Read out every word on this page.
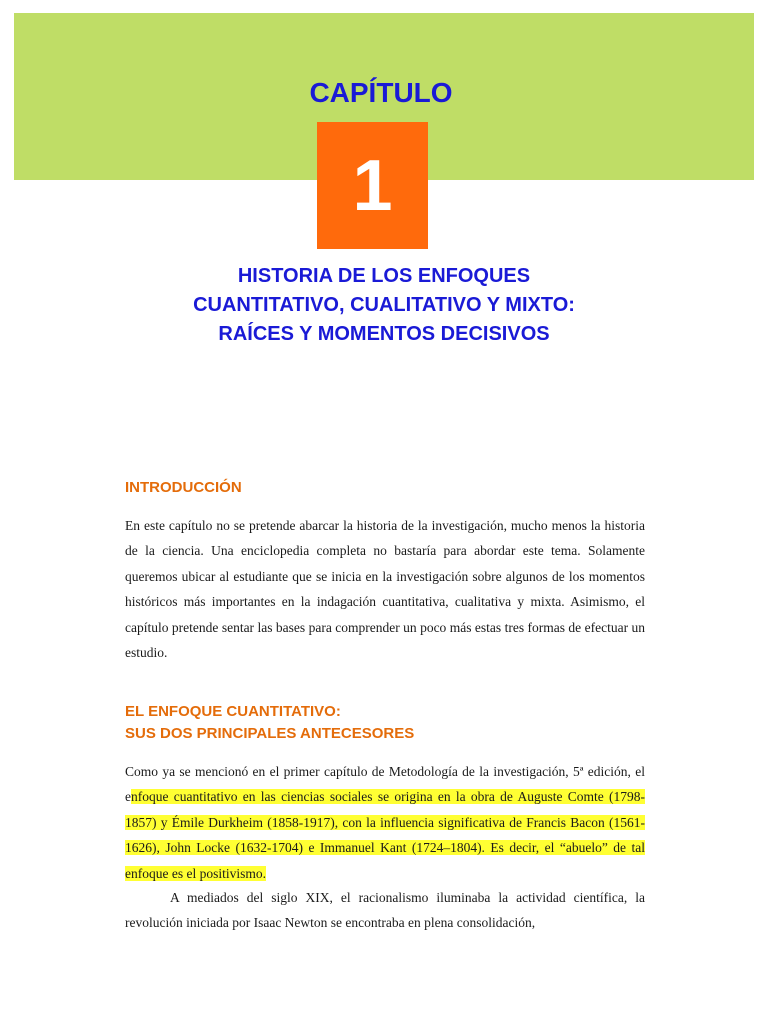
CAPÍTULO
1
HISTORIA DE LOS ENFOQUES
CUANTITATIVO, CUALITATIVO Y MIXTO:
RAÍCES Y MOMENTOS DECISIVOS
INTRODUCCIÓN

En este capítulo no se pretende abarcar la historia de la investigación, mucho menos la historia de la ciencia. Una enciclopedia completa no bastaría para abordar este tema. Solamente queremos ubicar al estudiante que se inicia en la investigación sobre algunos de los momentos históricos más importantes en la indagación cuantitativa, cualitativa y mixta. Asimismo, el capítulo pretende sentar las bases para comprender un poco más estas tres formas de efectuar un estudio.

EL ENFOQUE CUANTITATIVO:
SUS DOS PRINCIPALES ANTECESORES

Como ya se mencionó en el primer capítulo de Metodología de la investigación, 5ª edición, el enfoque cuantitativo en las ciencias sociales se origina en la obra de Auguste Comte (1798-1857) y Émile Durkheim (1858-1917), con la influencia significativa de Francis Bacon (1561-1626), John Locke (1632-1704) e Immanuel Kant (1724–1804). Es decir, el “abuelo” de tal enfoque es el positivismo.

A mediados del siglo XIX, el racionalismo iluminaba la actividad científica, la revolución iniciada por Isaac Newton se encontraba en plena consolidación,
